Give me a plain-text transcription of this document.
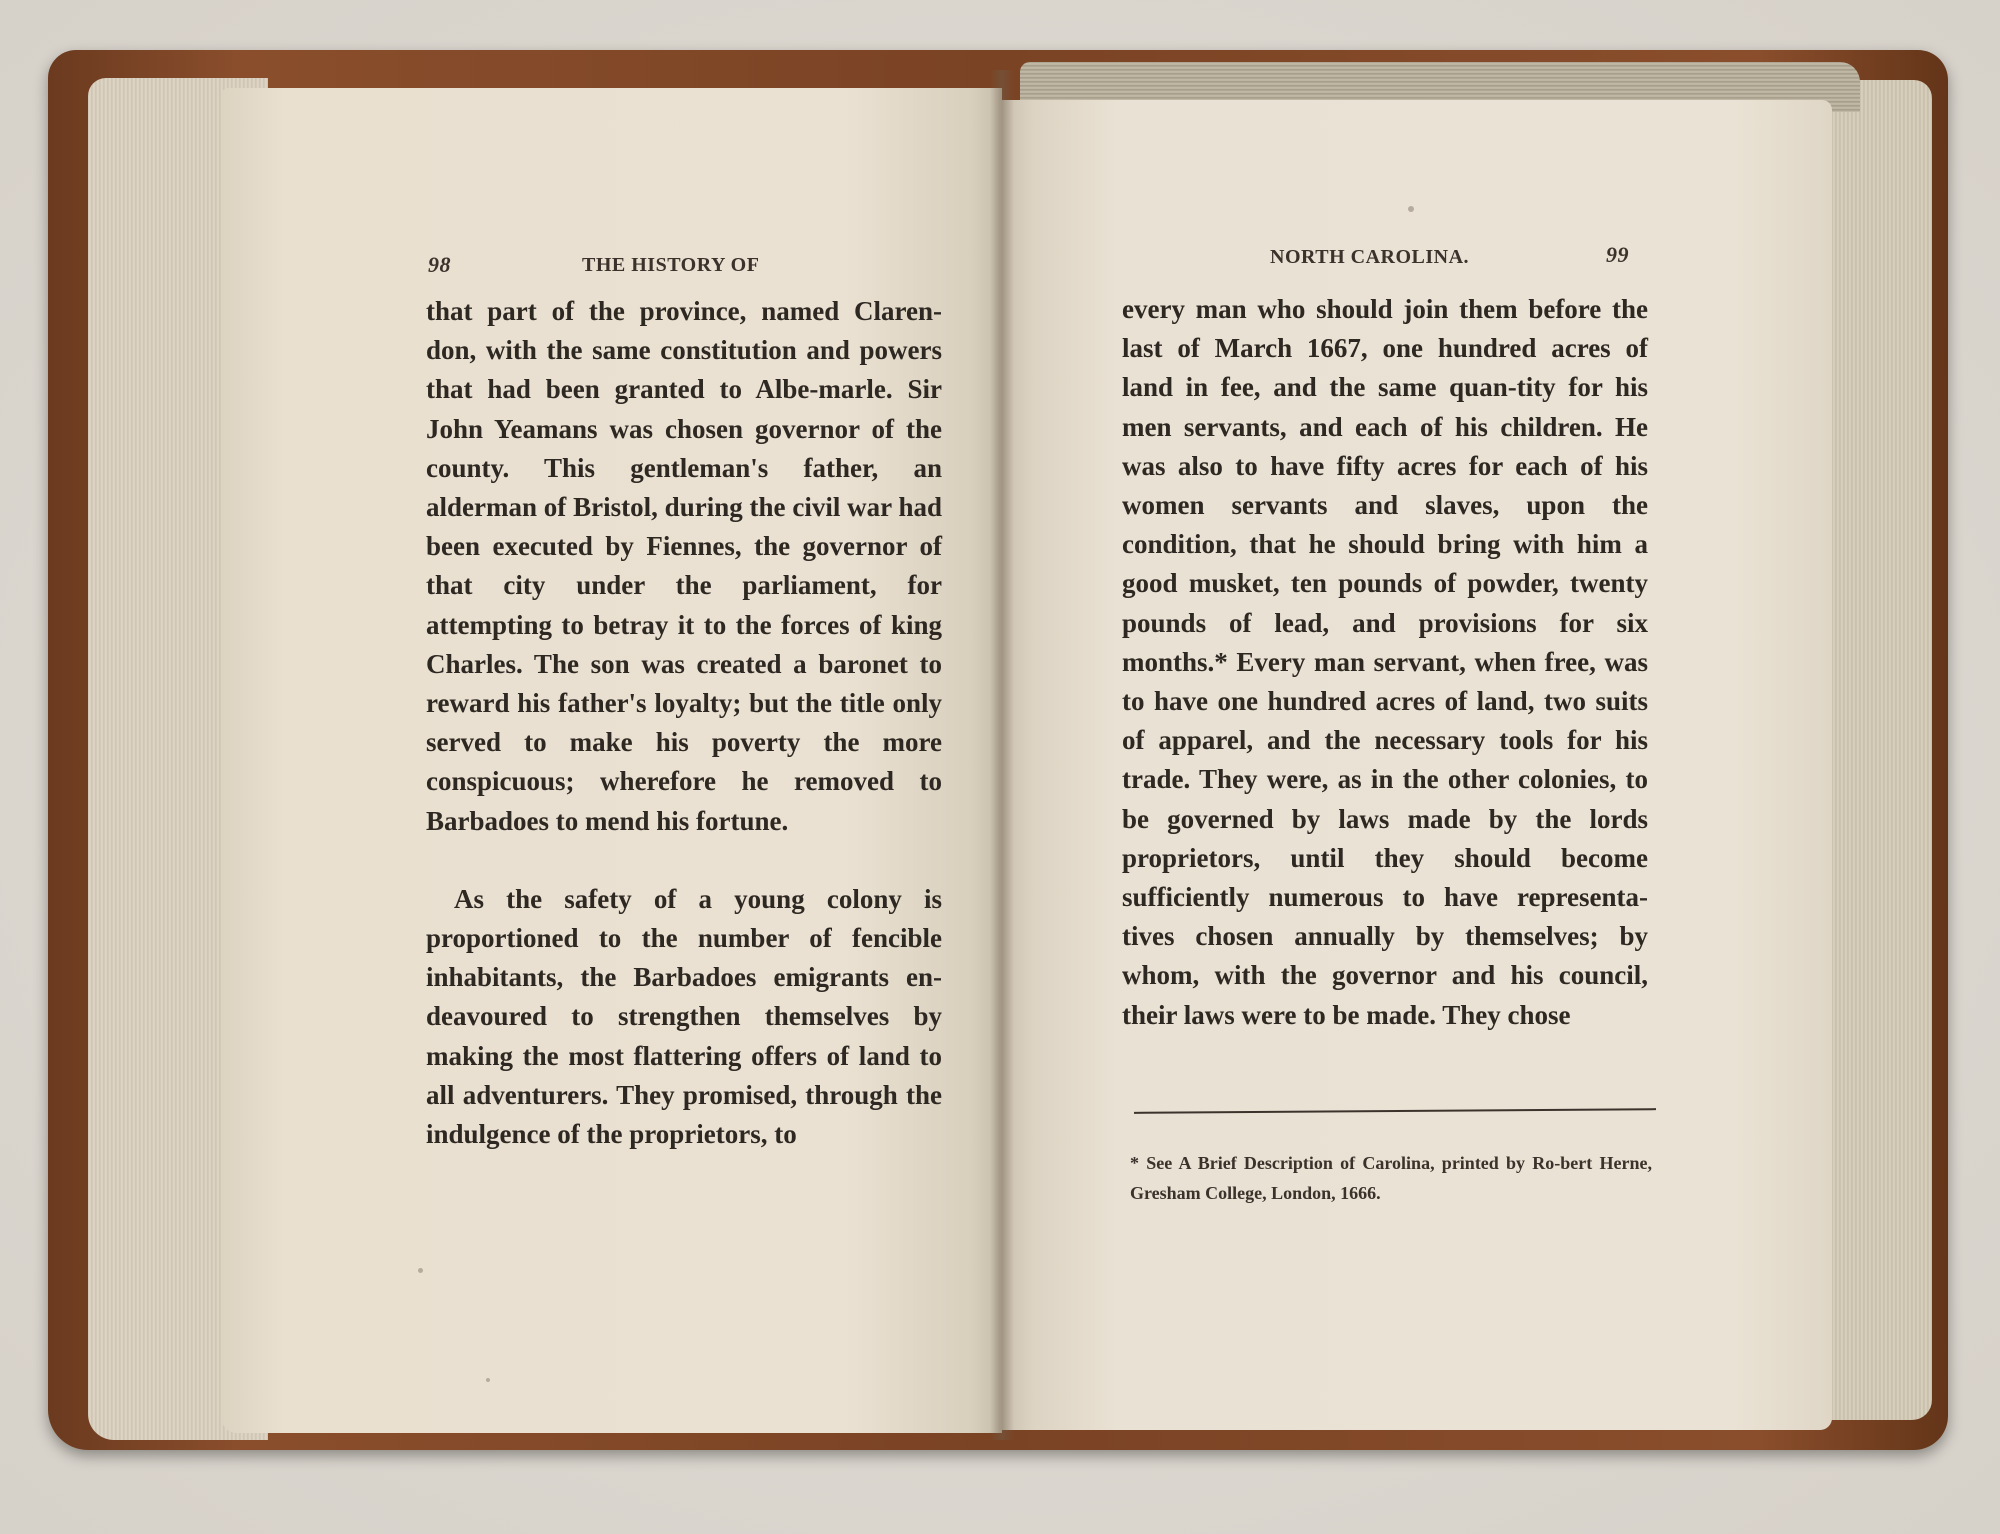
98	THE HISTORY OF

that part of the province, named Claren-don, with the same constitution and powers that had been granted to Albe-marle. Sir John Yeamans was chosen governor of the county. This gentleman's father, an alderman of Bristol, during the civil war had been executed by Fiennes, the governor of that city under the parliament, for attempting to betray it to the forces of king Charles. The son was created a baronet to reward his father's loyalty; but the title only served to make his poverty the more conspicuous; wherefore he removed to Barbadoes to mend his fortune.

As the safety of a young colony is proportioned to the number of fencible inhabitants, the Barbadoes emigrants en-deavoured to strengthen themselves by making the most flattering offers of land to all adventurers. They promised, through the indulgence of the proprietors, to

NORTH CAROLINA.	99

every man who should join them before the last of March 1667, one hundred acres of land in fee, and the same quan-tity for his men servants, and each of his children. He was also to have fifty acres for each of his women servants and slaves, upon the condition, that he should bring with him a good musket, ten pounds of powder, twenty pounds of lead, and provisions for six months.* Every man servant, when free, was to have one hundred acres of land, two suits of apparel, and the necessary tools for his trade. They were, as in the other colonies, to be governed by laws made by the lords proprietors, until they should become sufficiently numerous to have representa-tives chosen annually by themselves; by whom, with the governor and his council, their laws were to be made. They chose

* See A Brief Description of Carolina, printed by Ro-bert Herne, Gresham College, London, 1666.
